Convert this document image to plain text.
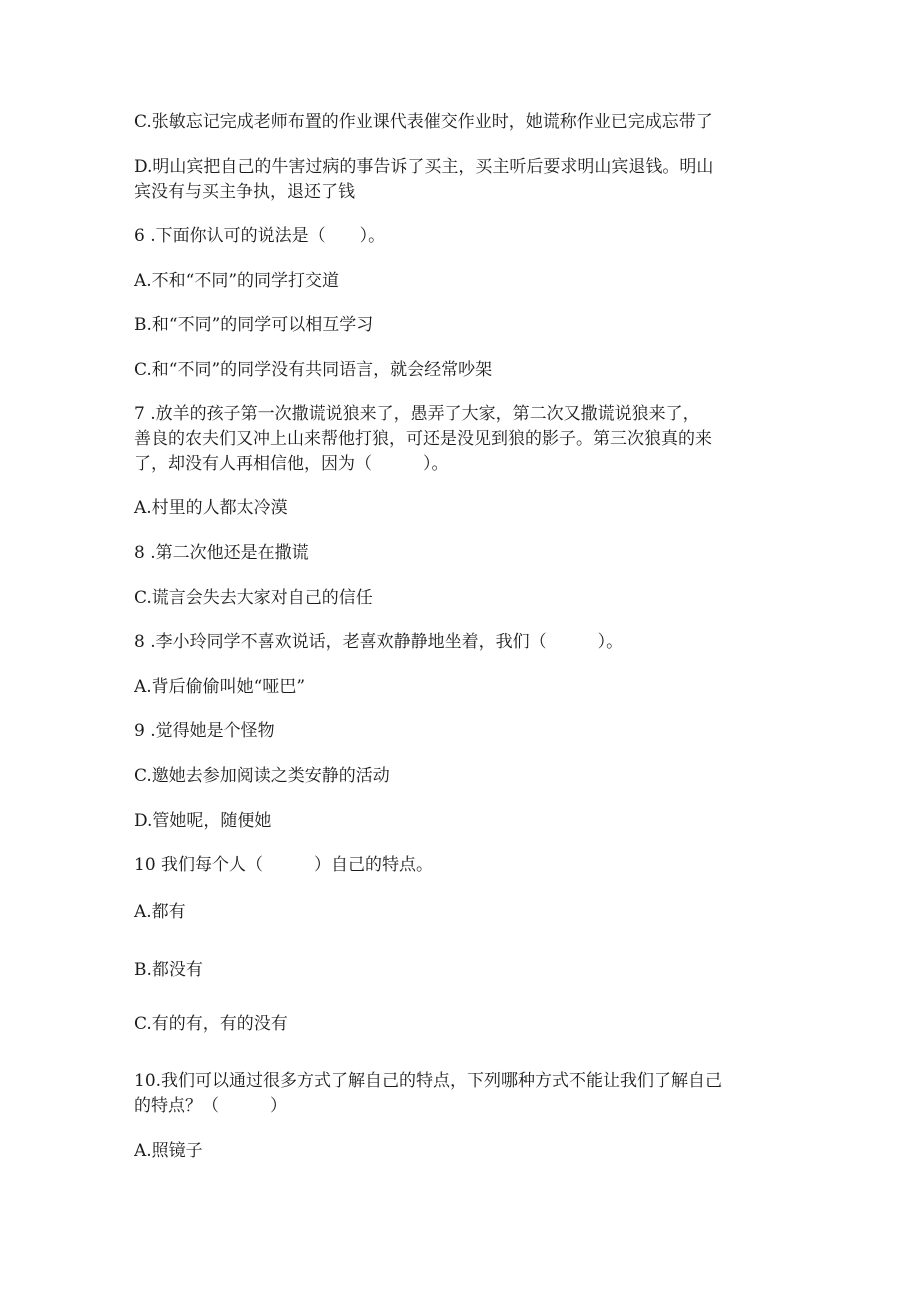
C.张敏忘记完成老师布置的作业课代表催交作业时，她谎称作业已完成忘带了
D.明山宾把自己的牛害过病的事告诉了买主，买主听后要求明山宾退钱。明山
宾没有与买主争执，退还了钱
6 .下面你认可的说法是（　　）。
A.不和“不同”的同学打交道
B.和“不同”的同学可以相互学习
C.和“不同”的同学没有共同语言，就会经常吵架
7 .放羊的孩子第一次撒谎说狼来了，愚弄了大家，第二次又撒谎说狼来了，
善良的农夫们又冲上山来帮他打狼，可还是没见到狼的影子。第三次狼真的来
了，却没有人再相信他，因为（　　　）。
A.村里的人都太冷漠
8 .第二次他还是在撒谎
C.谎言会失去大家对自己的信任
8 .李小玲同学不喜欢说话，老喜欢静静地坐着，我们（　　　）。
A.背后偷偷叫她“哑巴”
9 .觉得她是个怪物
C.邀她去参加阅读之类安静的活动
D.管她呢，随便她
10 我们每个人（　　　）自己的特点。
A.都有
B.都没有
C.有的有，有的没有
10.我们可以通过很多方式了解自己的特点，下列哪种方式不能让我们了解自己
的特点？（　　　）
A.照镜子
